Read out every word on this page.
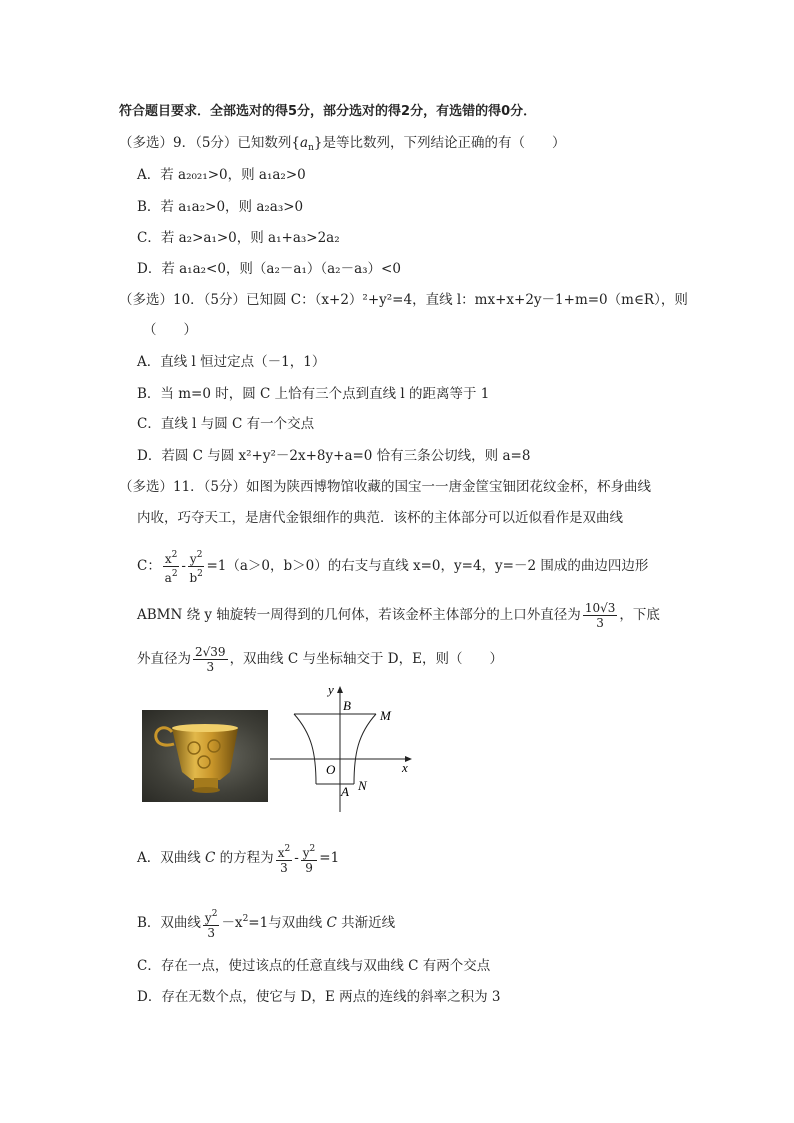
符合题目要求．全部选对的得5分，部分选对的得2分，有选错的得0分．
（多选）9．（5分）已知数列$\{a_n\}$是等比数列，下列结论正确的有（　　）
A．若 a₂₀₂₁>0，则 a₁a₂>0
B．若 a₁a₂>0，则 a₂a₃>0
C．若 a₂>a₁>0，则 a₁+a₃>2a₂
D．若 a₁a₂<0，则（a₂－a₁）（a₂－a₃）<0
（多选）10．（5分）已知圆 C：（x+2）²+y²=4，直线 l：mx+x+2y－1+m=0（m∈R），则
（　　）
A．直线 l 恒过定点（－1，1）
B．当 m=0 时，圆 C 上恰有三个点到直线 l 的距离等于 1
C．直线 l 与圆 C 有一个交点
D．若圆 C 与圆 x²+y²－2x+8y+a=0 恰有三条公切线，则 a=8
（多选）11．（5分）如图为陕西博物馆收藏的国宝一一唐金筐宝钿团花纹金杯，杯身曲线
内收，巧夺天工，是唐代金银细作的典范．该杯的主体部分可以近似看作是双曲线
C： $\frac{x^2}{a^2} - \frac{y^2}{b^2} =1(a>0$，b＞0）的右支与直线 x=0，y=4，y=－2 围成的曲边四边形
ABMN 绕 y 轴旋转一周得到的几何体，若该金杯主体部分的上口外直径为 $\frac{10√3}{3}$ ，下底
外直径为 $\frac{2√39}{3}$ ，双曲线 C 与坐标轴交于 D，E，则（　　）
y
x
B
M
O
A N
A．双曲线 C 的方程为 $\frac{x^2}{3} - \frac{y^2}{9} =1$
B．双曲线 $\frac{y^2}{3} -x^2=1$与双曲线 C 共渐近线
C．存在一点，使过该点的任意直线与双曲线 C 有两个交点
D．存在无数个点，使它与 D，E 两点的连线的斜率之积为 3
